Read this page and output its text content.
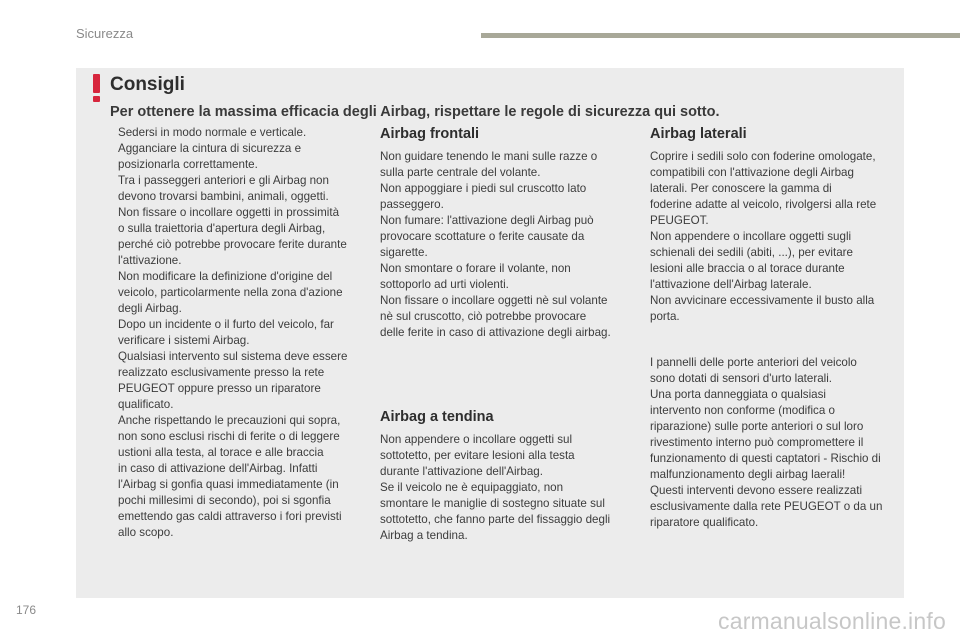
Sicurezza
Consigli
Per ottenere la massima efficacia degli Airbag, rispettare le regole di sicurezza qui sotto.
Sedersi in modo normale e verticale.
Agganciare la cintura di sicurezza e
posizionarla correttamente.
Tra i passeggeri anteriori e gli Airbag non
devono trovarsi bambini, animali, oggetti.
Non fissare o incollare oggetti in prossimità
o sulla traiettoria d'apertura degli Airbag,
perché ciò potrebbe provocare ferite durante
l'attivazione.
Non modificare la definizione d'origine del
veicolo, particolarmente nella zona d'azione
degli Airbag.
Dopo un incidente o il furto del veicolo, far
verificare i sistemi Airbag.
Qualsiasi intervento sul sistema deve essere
realizzato esclusivamente presso la rete
PEUGEOT oppure presso un riparatore
qualificato.
Anche rispettando le precauzioni qui sopra,
non sono esclusi rischi di ferite o di leggere
ustioni alla testa, al torace e alle braccia
in caso di attivazione dell'Airbag. Infatti
l'Airbag si gonfia quasi immediatamente (in
pochi millesimi di secondo), poi si sgonfia
emettendo gas caldi attraverso i fori previsti
allo scopo.
Airbag frontali
Non guidare tenendo le mani sulle razze o
sulla parte centrale del volante.
Non appoggiare i piedi sul cruscotto lato
passeggero.
Non fumare: l'attivazione degli Airbag può
provocare scottature o ferite causate da
sigarette.
Non smontare o forare il volante, non
sottoporlo ad urti violenti.
Non fissare o incollare oggetti nè sul volante
nè sul cruscotto, ciò potrebbe provocare
delle ferite in caso di attivazione degli airbag.
Airbag a tendina
Non appendere o incollare oggetti sul
sottotetto, per evitare lesioni alla testa
durante l'attivazione dell'Airbag.
Se il veicolo ne è equipaggiato, non
smontare le maniglie di sostegno situate sul
sottotetto, che fanno parte del fissaggio degli
Airbag a tendina.
Airbag laterali
Coprire i sedili solo con foderine omologate,
compatibili con l'attivazione degli Airbag
laterali. Per conoscere la gamma di
foderine adatte al veicolo, rivolgersi alla rete
PEUGEOT.
Non appendere o incollare oggetti sugli
schienali dei sedili (abiti, ...), per evitare
lesioni alle braccia o al torace durante
l'attivazione dell'Airbag laterale.
Non avvicinare eccessivamente il busto alla
porta.
I pannelli delle porte anteriori del veicolo
sono dotati di sensori d'urto laterali.
Una porta danneggiata o qualsiasi
intervento non conforme (modifica o
riparazione) sulle porte anteriori o sul loro
rivestimento interno può compromettere il
funzionamento di questi captatori - Rischio di
malfunzionamento degli airbag laerali!
Questi interventi devono essere realizzati
esclusivamente dalla rete PEUGEOT o da un
riparatore qualificato.
176	carmanualsonline.info
